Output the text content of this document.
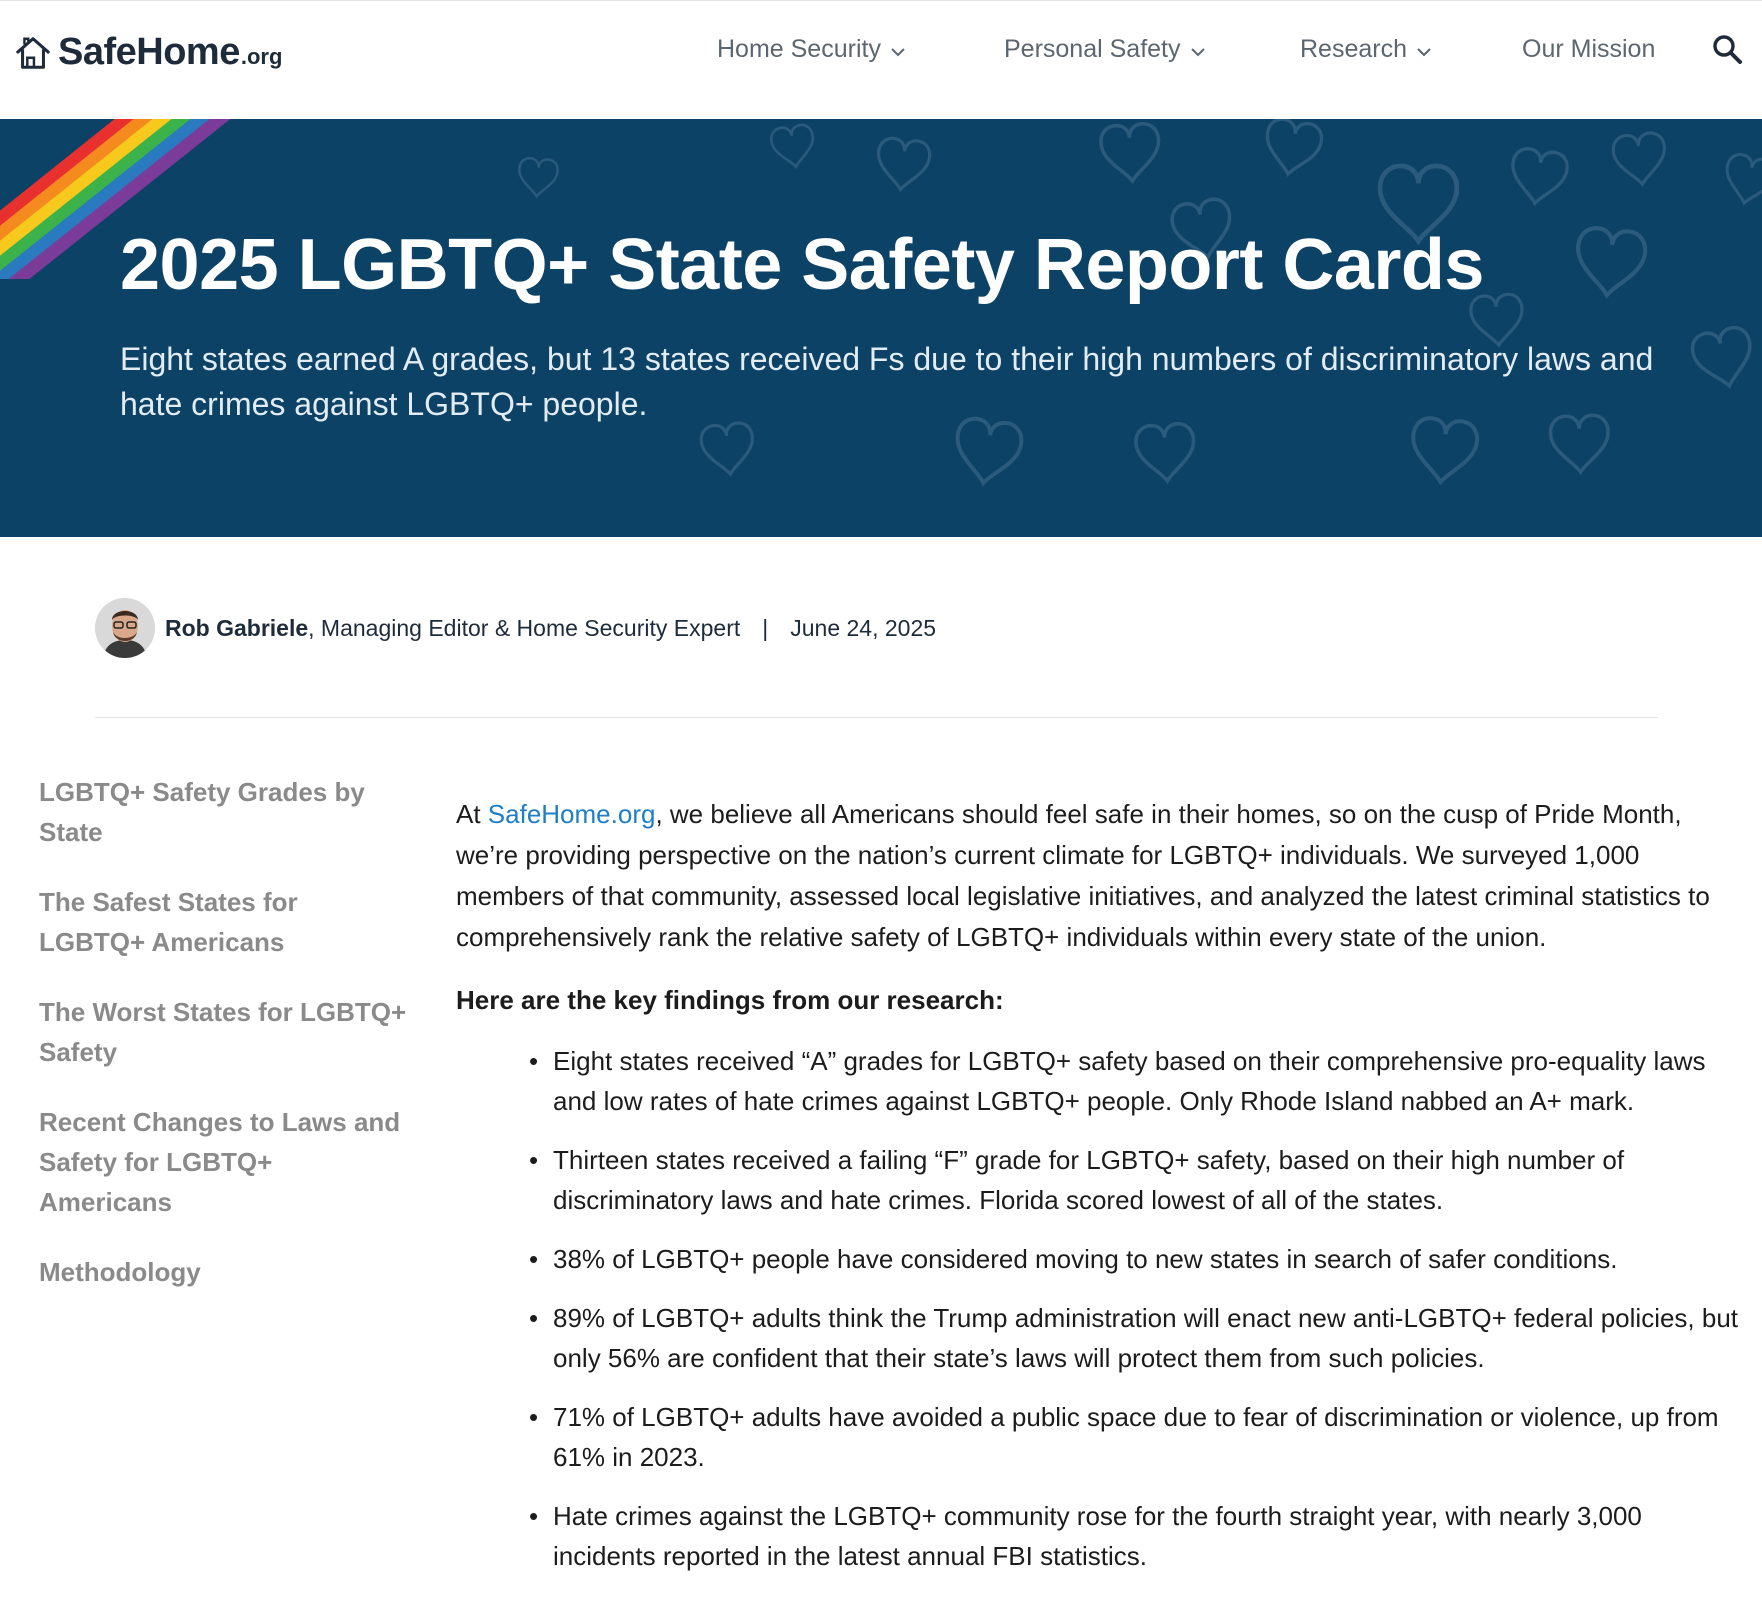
SafeHome .org	Home Security	Personal Safety	Research	Our Mission
2025 LGBTQ+ State Safety Report Cards

Eight states earned A grades, but 13 states received Fs due to their high numbers of discriminatory laws and hate crimes against LGBTQ+ people.

Rob Gabriele , Managing Editor & Home Security Expert | June 24, 2025
LGBTQ+ Safety Grades by State
The Safest States for LGBTQ+ Americans
The Worst States for LGBTQ+ Safety
Recent Changes to Laws and Safety for LGBTQ+ Americans
Methodology

At SafeHome.org, we believe all Americans should feel safe in their homes, so on the cusp of Pride Month, we’re providing perspective on the nation’s current climate for LGBTQ+ individuals. We surveyed 1,000 members of that community, assessed local legislative initiatives, and analyzed the latest criminal statistics to comprehensively rank the relative safety of LGBTQ+ individuals within every state of the union.

Here are the key findings from our research:

• Eight states received “A” grades for LGBTQ+ safety based on their comprehensive pro-equality laws and low rates of hate crimes against LGBTQ+ people. Only Rhode Island nabbed an A+ mark.
• Thirteen states received a failing “F” grade for LGBTQ+ safety, based on their high number of discriminatory laws and hate crimes. Florida scored lowest of all of the states.
• 38% of LGBTQ+ people have considered moving to new states in search of safer conditions.
• 89% of LGBTQ+ adults think the Trump administration will enact new anti-LGBTQ+ federal policies, but only 56% are confident that their state’s laws will protect them from such policies.
• 71% of LGBTQ+ adults have avoided a public space due to fear of discrimination or violence, up from 61% in 2023.
• Hate crimes against the LGBTQ+ community rose for the fourth straight year, with nearly 3,000 incidents reported in the latest annual FBI statistics.
